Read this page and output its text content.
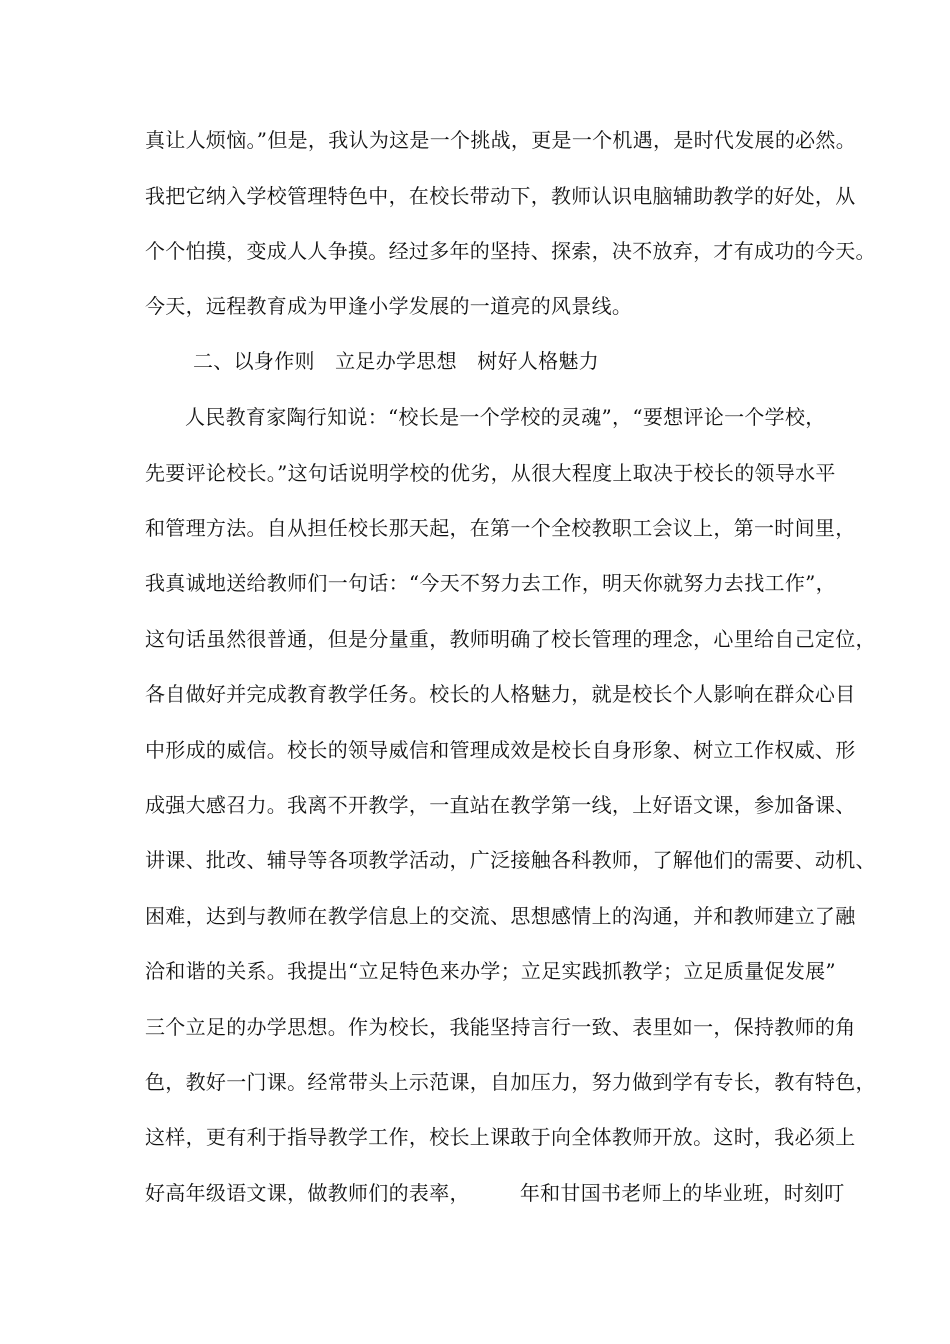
真让人烦恼。”但是，我认为这是一个挑战，更是一个机遇，是时代发展的必然。
我把它纳入学校管理特色中，在校长带动下，教师认识电脑辅助教学的好处，从
个个怕摸，变成人人争摸。经过多年的坚持、探索，决不放弃，才有成功的今天。
今天，远程教育成为甲逢小学发展的一道亮的风景线。
二、以身作则　立足办学思想　树好人格魅力
人民教育家陶行知说：“校长是一个学校的灵魂”，“要想评论一个学校，
先要评论校长。”这句话说明学校的优劣，从很大程度上取决于校长的领导水平
和管理方法。自从担任校长那天起，在第一个全校教职工会议上，第一时间里，
我真诚地送给教师们一句话：“今天不努力去工作，明天你就努力去找工作”，
这句话虽然很普通，但是分量重，教师明确了校长管理的理念，心里给自己定位，
各自做好并完成教育教学任务。校长的人格魅力，就是校长个人影响在群众心目
中形成的威信。校长的领导威信和管理成效是校长自身形象、树立工作权威、形
成强大感召力。我离不开教学，一直站在教学第一线，上好语文课，参加备课、
讲课、批改、辅导等各项教学活动，广泛接触各科教师，了解他们的需要、动机、
困难，达到与教师在教学信息上的交流、思想感情上的沟通，并和教师建立了融
洽和谐的关系。我提出“立足特色来办学；立足实践抓教学；立足质量促发展”
三个立足的办学思想。作为校长，我能坚持言行一致、表里如一，保持教师的角
色，教好一门课。经常带头上示范课，自加压力，努力做到学有专长，教有特色，
这样，更有利于指导教学工作，校长上课敢于向全体教师开放。这时，我必须上
好高年级语文课，做教师们的表率，	年和甘国书老师上的毕业班，时刻叮
